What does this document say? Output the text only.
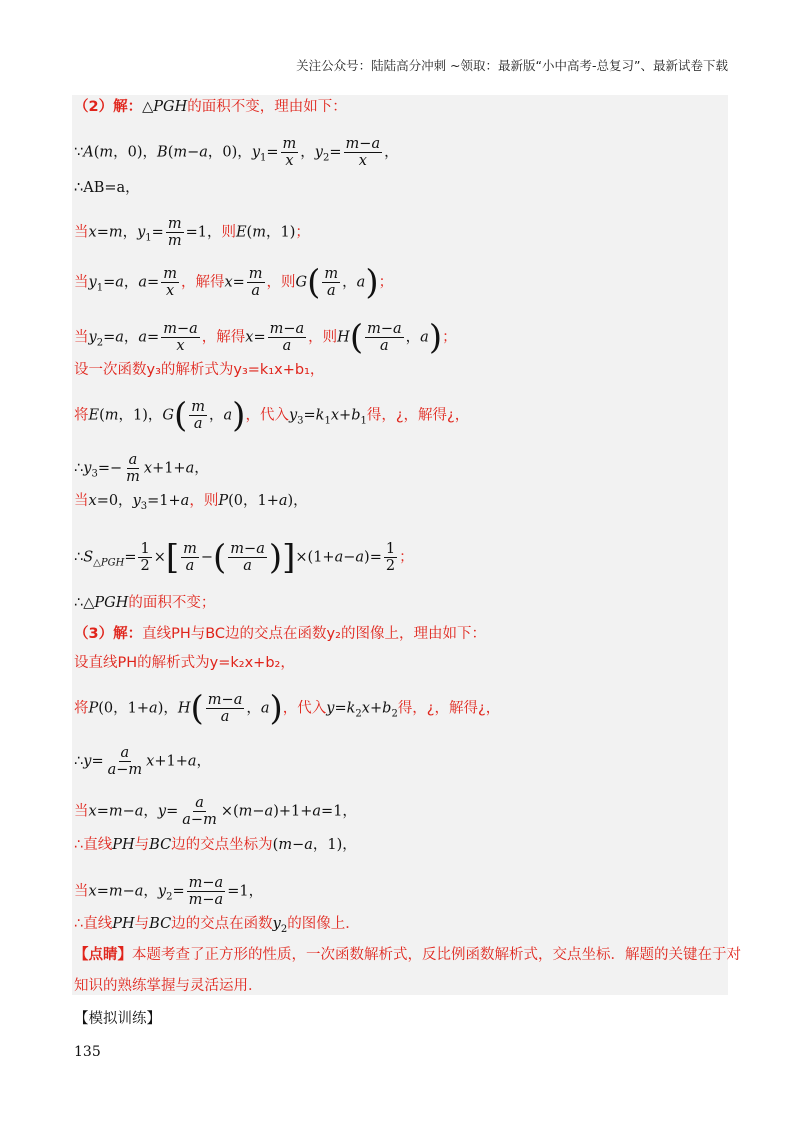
关注公众号：陆陆高分冲刺 ~领取：最新版“小中高考-总复习”、最新试卷下载
（2）解：△PGH的面积不变，理由如下：
∵A(m，0)，B(m−a，0)，$y_1= \frac{m}{x}$ ，$y_2= \frac{m-a}{x}$ ，
∴AB=a，
当x=m，$y_1= \frac{m}{m} =1$，则E(m，1)；
当$y_1=a$，$a= \frac{m}{x}$ ，解得$x= \frac{m}{a}$ ，则$G( \frac{m}{a}$ ，a)；
当$y_2=a$，$a= \frac{m-a}{x}$ ，解得$x= \frac{m-a}{a}$ ，则$H( \frac{m-a}{a}$ ，a)；
设一次函数y₃的解析式为y₃=k₁x+b₁，
将E(m，1)，$G( \frac{m}{a}$ ，a)，代入$y_3=k_1x+b_1$得，¿，解得¿，
$\therefore y_3=- \frac{a}{m} x+1+a$，
当x=0，$y_3=1+a$，则P(0，1+a)，
$\therefore S_{\triangle PGH}= \frac{1}{2}$ ×[ $\frac{m}{a}$ −( $\frac{m-a}{a} )]\times(1+a-a)= \frac{1}{2}$ ；
∴△PGH的面积不变；
（3）解：直线PH与BC边的交点在函数y₂的图像上，理由如下：
设直线PH的解析式为y=k₂x+b₂，
将P(0，1+a)，$H( \frac{m-a}{a}$ ，a)，代入$y=k_2x+b_2$得，¿，解得¿，
∴y= $\frac{a}{a-m} x+1+a$，
当x=m−a，$y= \frac{a}{a-m} \times(m-a)+1+a=1$，
∴直线PH与BC边的交点坐标为(m−a，1)，
当x=m−a，$y_2= \frac{m-a}{m-a} =1$，
∴直线PH与BC边的交点在函数$y_2$的图像上．
【点睛】本题考查了正方形的性质，一次函数解析式，反比例函数解析式，交点坐标．解题的关键在于对
知识的熟练掌握与灵活运用．
【模拟训练】
135
